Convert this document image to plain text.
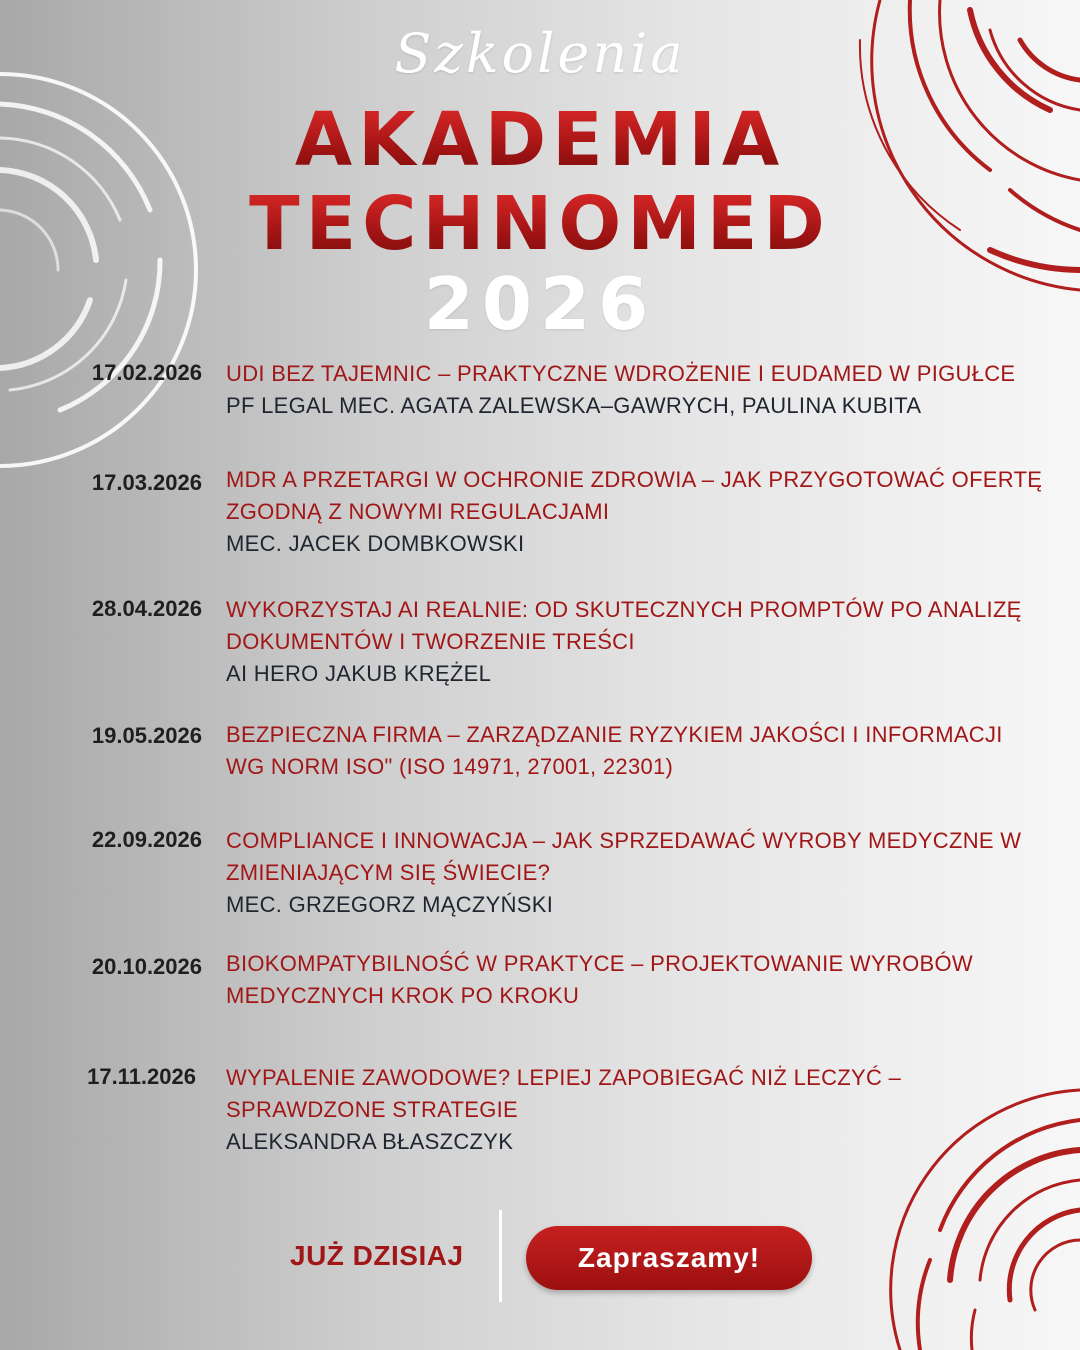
Szkolenia
AKADEMIA
TECHNOMED
2026
17.02.2026 UDI BEZ TAJEMNIC – PRAKTYCZNE WDROŻENIE I EUDAMED W PIGUŁCE

PF LEGAL MEC. AGATA ZALEWSKA–GAWRYCH, PAULINA KUBITA

17.03.2026 MDR A PRZETARGI W OCHRONIE ZDROWIA – JAK PRZYGOTOWAĆ OFERTĘ ZGODNĄ Z NOWYMI REGULACJAMI

MEC. JACEK DOMBKOWSKI

28.04.2026 WYKORZYSTAJ AI REALNIE: OD SKUTECZNYCH PROMPTÓW PO ANALIZĘ DOKUMENTÓW I TWORZENIE TREŚCI

AI HERO JAKUB KRĘŻEL

19.05.2026 BEZPIECZNA FIRMA – ZARZĄDZANIE RYZYKIEM JAKOŚCI I INFORMACJI WG NORM ISO" (ISO 14971, 27001, 22301)

22.09.2026 COMPLIANCE I INNOWACJA – JAK SPRZEDAWAĆ WYROBY MEDYCZNE W ZMIENIAJĄCYM SIĘ ŚWIECIE?

MEC. GRZEGORZ MĄCZYŃSKI

20.10.2026 BIOKOMPATYBILNOŚĆ W PRAKTYCE – PROJEKTOWANIE WYROBÓW MEDYCZNYCH KROK PO KROKU

17.11.2026 WYPALENIE ZAWODOWE? LEPIEJ ZAPOBIEGAĆ NIŻ LECZYĆ – SPRAWDZONE STRATEGIE

ALEKSANDRA BŁASZCZYK

JUŻ DZISIAJ	Zapraszamy!
